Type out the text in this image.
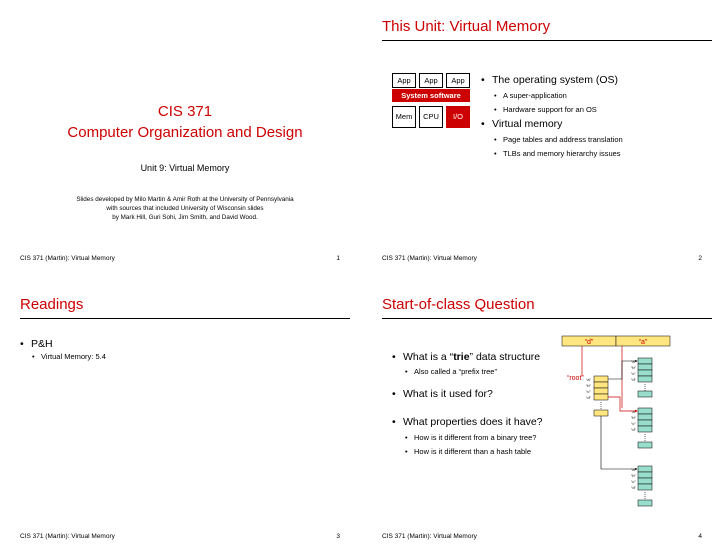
CIS 371
Computer Organization and Design
Unit 9: Virtual Memory
Slides developed by Milo Martin & Amir Roth at the University of Pennsylvania
with sources that included University of Wisconsin slides
by Mark Hill, Guri Sohi, Jim Smith, and David Wood.
CIS 371 (Martin): Virtual Memory	1
This Unit: Virtual Memory
App	App	App
System software
Mem	CPU	I/O
• The operating system (OS)
• A super-application
• Hardware support for an OS
• Virtual memory
• Page tables and address translation
• TLBs and memory hierarchy issues
CIS 371 (Martin): Virtual Memory	2
Readings
• P&H
• Virtual Memory: 5.4
CIS 371 (Martin): Virtual Memory	3
Start-of-class Question
• What is a “trie” data structure
• Also called a “prefix tree”
• What is it used for?
• What properties does it have?
• How is it different from a binary tree?
• How is it different than a hash table
“d”	“a”
“root” “a”
“b”
“c”
“d”
“a”
“b”
“c”
“d”
“a”
“b”
“c”
“d”
“a”
“b”
“c”
“d”
CIS 371 (Martin): Virtual Memory	4
